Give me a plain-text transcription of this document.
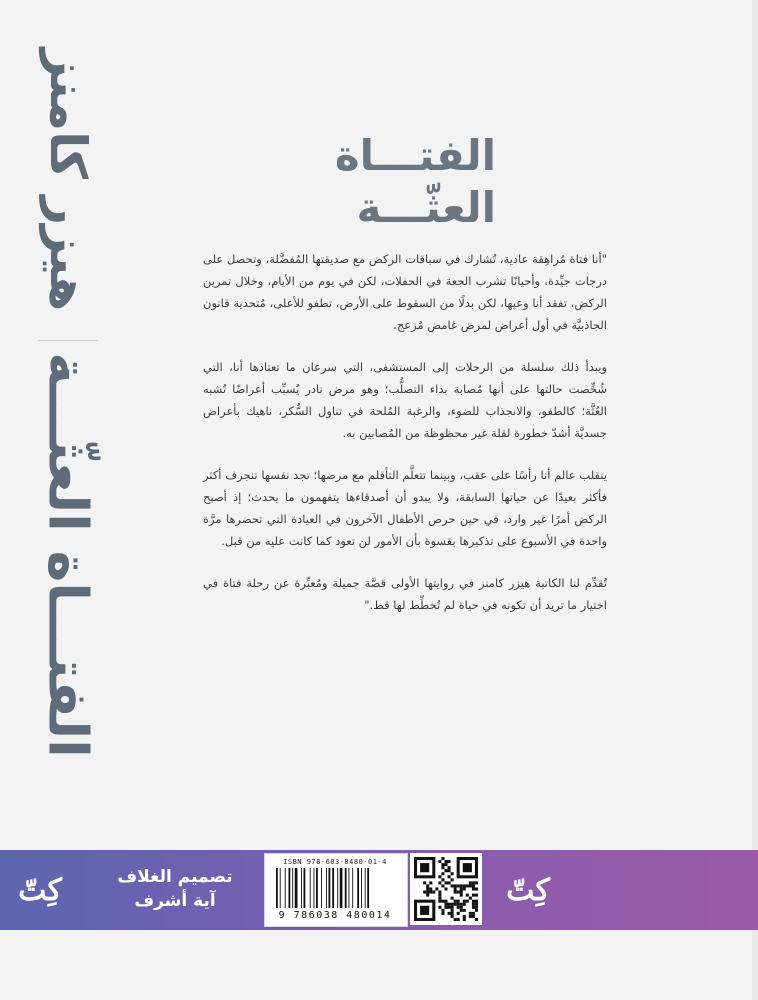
هيزر كامنز
الفتـــاة العثّـــة
الفتـــاة
العثّـــة

"أنا فتاة مُراهِقة عادية، تُشارك في سباقات الركض مع صديقتها المُفضَّلة، وتحصل على درجات جيِّدة، وأحيانًا تشرب الجعة في الحفلات، لكن في يوم من الأيام، وخلال تمرين الركض، تفقد أنا وعيها، لكن بدلًا من السقوط على الأرض، تطفو للأعلى، مُتحدية قانون الجاذبيَّة في أول أعراض لمرض غامض مُزعج.

ويبدأ ذلك سلسلة من الرحلات إلى المستشفى، التي سرعان ما تعتادها أنا، التي شُخِّصت حالتها على أنها مُصابة بداء التصلُّب؛ وهو مرض نادر يُسبِّب أعراضًا تُشبه العُثَّة؛ كالطفو، والانجذاب للضوء، والرغبة المُلحة في تناول السُّكر، ناهيك بأعراض جسديَّة أشدّ خطورة لقلة غير محظوظة من المُصابين به.

ينقلب عالم أنا رأسًا على عقب، وبينما تتعلَّم التأقلم مع مرضها؛ تجد نفسها تنجرف أكثر فأكثر بعيدًا عن حياتها السابقة، ولا يبدو أن أصدقاءها يتفهمون ما يحدث؛ إذ أصبح الركض أمرًا غير وارد، في حين حرص الأطفال الآخرون في العيادة التي تحضرها مرَّة واحدة في الأسبوع على تذكيرها بقسوة بأن الأمور لن تعود كما كانت عليه من قبل.

تُقدِّم لنا الكاتبة هيزر كامنز في روايتها الأولى قصَّة جميلة ومُعبِّرة عن رحلة فتاة في اختيار ما تريد أن تكونه في حياة لم تُخطِّط لها قط."

كِتّ	كِتّ
تصميم الغلاف
آية أشرف
ISBN 978-603-8480-01-4
9 786038 480014
